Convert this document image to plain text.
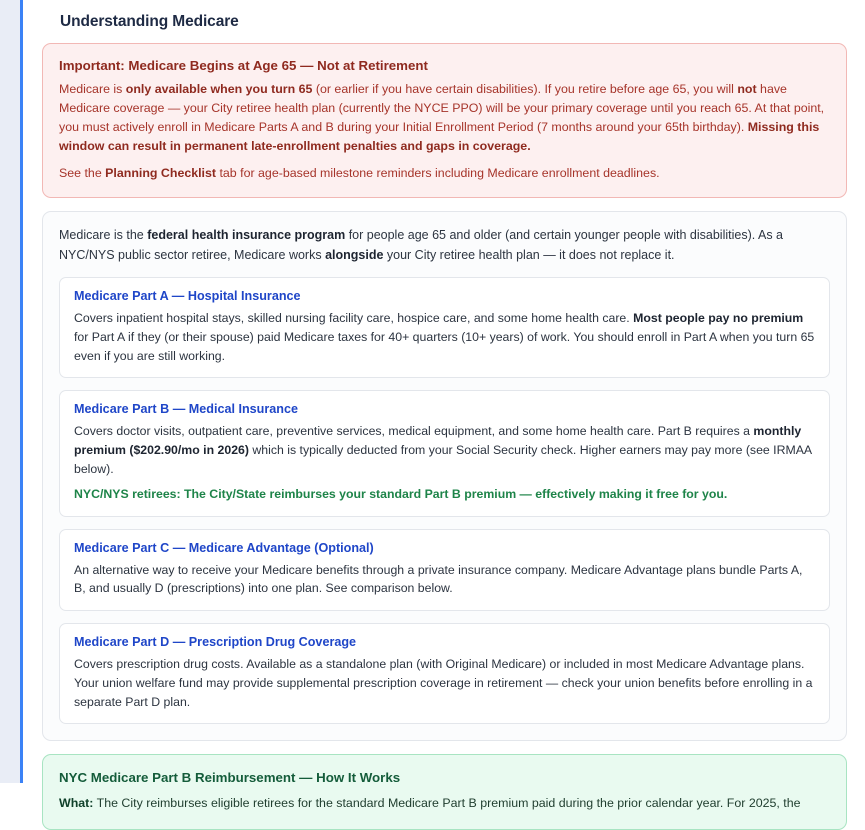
Understanding Medicare
Important: Medicare Begins at Age 65 — Not at Retirement

Medicare is only available when you turn 65 (or earlier if you have certain disabilities). If you retire before age 65, you will not have Medicare coverage — your City retiree health plan (currently the NYCE PPO) will be your primary coverage until you reach 65. At that point, you must actively enroll in Medicare Parts A and B during your Initial Enrollment Period (7 months around your 65th birthday). Missing this window can result in permanent late-enrollment penalties and gaps in coverage.

See the Planning Checklist tab for age-based milestone reminders including Medicare enrollment deadlines.

Medicare is the federal health insurance program for people age 65 and older (and certain younger people with disabilities). As a NYC/NYS public sector retiree, Medicare works alongside your City retiree health plan — it does not replace it.

Medicare Part A — Hospital Insurance

Covers inpatient hospital stays, skilled nursing facility care, hospice care, and some home health care. Most people pay no premium for Part A if they (or their spouse) paid Medicare taxes for 40+ quarters (10+ years) of work. You should enroll in Part A when you turn 65 even if you are still working.

Medicare Part B — Medical Insurance

Covers doctor visits, outpatient care, preventive services, medical equipment, and some home health care. Part B requires a monthly premium ($202.90/mo in 2026) which is typically deducted from your Social Security check. Higher earners may pay more (see IRMAA below).

NYC/NYS retirees: The City/State reimburses your standard Part B premium — effectively making it free for you.

Medicare Part C — Medicare Advantage (Optional)

An alternative way to receive your Medicare benefits through a private insurance company. Medicare Advantage plans bundle Parts A, B, and usually D (prescriptions) into one plan. See comparison below.

Medicare Part D — Prescription Drug Coverage

Covers prescription drug costs. Available as a standalone plan (with Original Medicare) or included in most Medicare Advantage plans. Your union welfare fund may provide supplemental prescription coverage in retirement — check your union benefits before enrolling in a separate Part D plan.

NYC Medicare Part B Reimbursement — How It Works

What: The City reimburses eligible retirees for the standard Medicare Part B premium paid during the prior calendar year. For 2025, the
